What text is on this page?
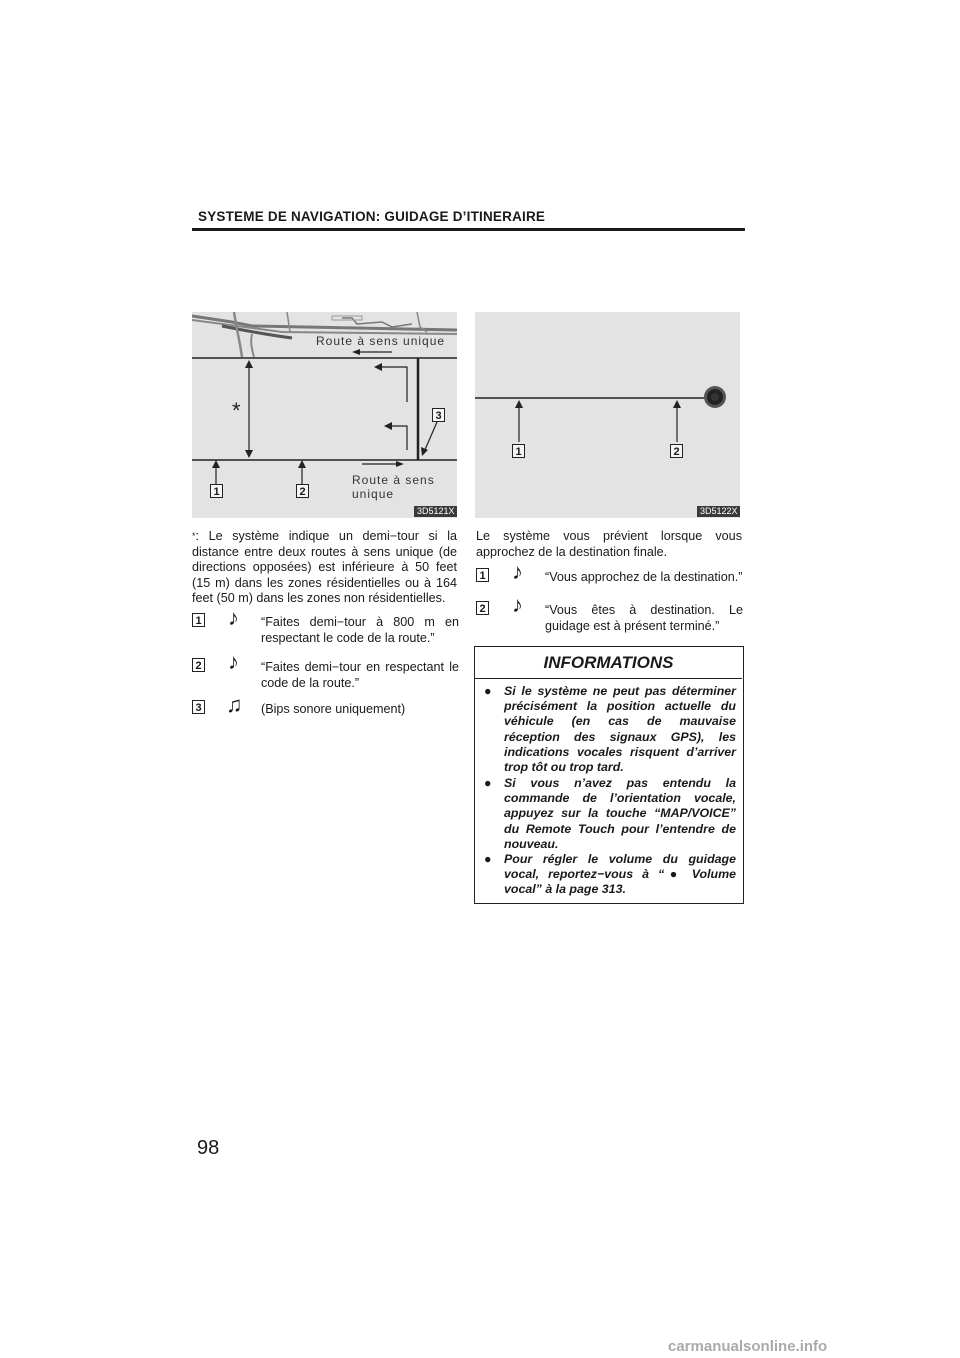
SYSTEME DE NAVIGATION: GUIDAGE D’ITINERAIRE
Route à sens unique
Route à sens
unique
*
1	2
3
3D5121X
1	2
3D5122X
*: Le système indique un demi−tour si la distance entre deux routes à sens unique (de directions opposées) est inférieure à 50 feet (15 m) dans les zones résidentielles ou à 164 feet (50 m) dans les zones non résidentielles.
1 ♪ “Faites demi−tour à 800 m en
respectant le code de la route.”
2 ♪ “Faites demi−tour en respectant le
code de la route.”
3 ♫ (Bips sonore uniquement)
Le système vous prévient lorsque vous approchez de la destination finale.
1 ♪ “Vous approchez de la destination.”
2 ♪ “Vous êtes à destination. Le
guidage est à présent terminé.”
INFORMATIONS
● Si le système ne peut pas déterminer précisément la position actuelle du véhicule (en cas de mauvaise réception des signaux GPS), les indications vocales risquent d’arriver trop tôt ou trop tard.
● Si vous n’avez pas entendu la commande de l’orientation vocale, appuyez sur la touche “MAP/VOICE” du Remote Touch pour l’entendre de nouveau.
● Pour régler le volume du guidage vocal, reportez−vous à “● Volume vocal” à la page 313.
98
carmanualsonline.info
